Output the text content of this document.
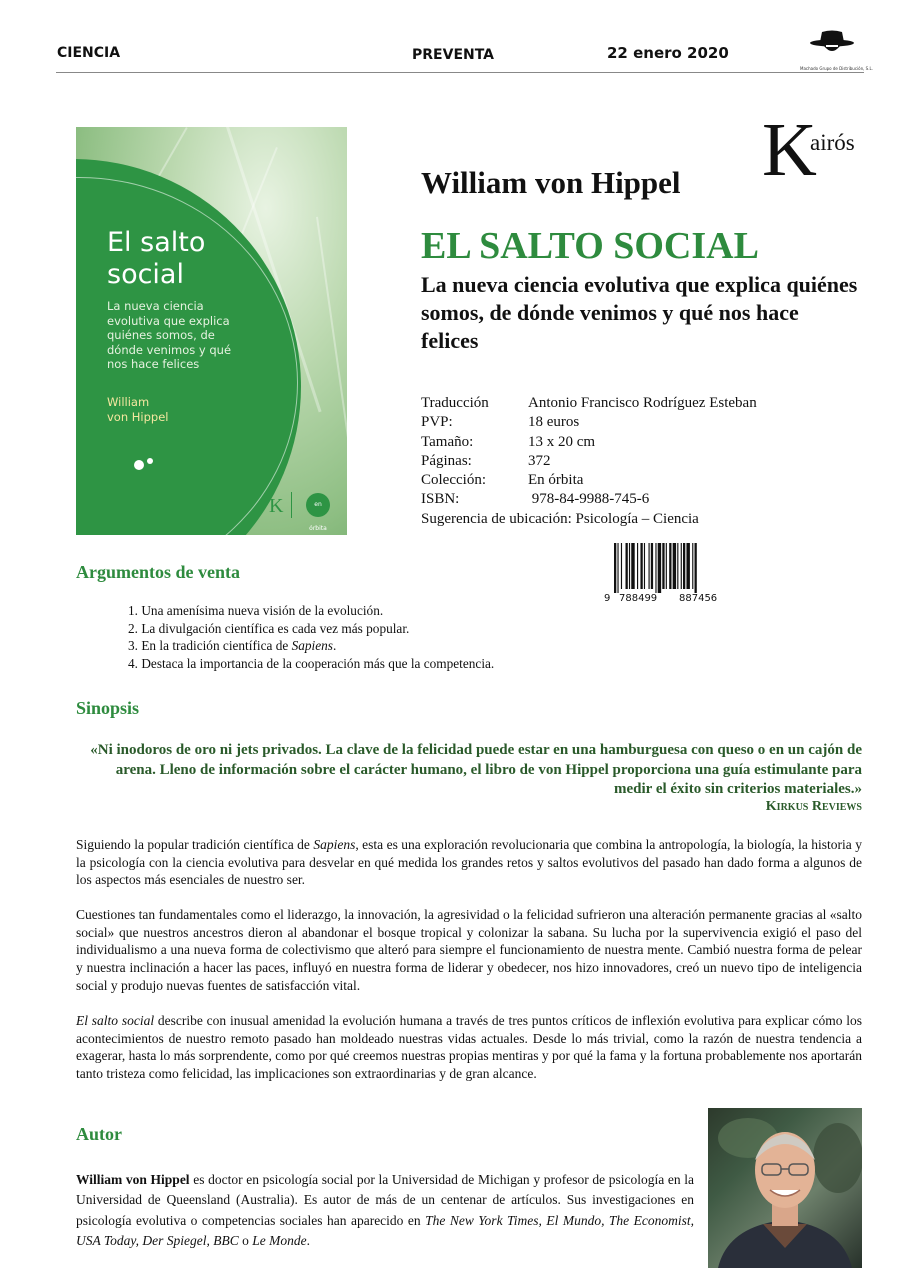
CIENCIA	PREVENTA	22 enero 2020
Machado Grupo de Distribución, S.L.
El salto
social
La nueva ciencia evolutiva que explica quiénes somos, de dónde venimos y qué nos hace felices
William
von Hippel
K	en órbita
William von Hippel K
airós
EL SALTO SOCIAL
La nueva ciencia evolutiva que explica quiénes somos, de dónde venimos y qué nos hace felices
Traducción	Antonio Francisco Rodríguez Esteban
PVP:	18 euros
Tamaño:	13 x 20 cm
Páginas:	372
Colección:	En órbita
ISBN:	978-84-9988-745-6
Sugerencia de ubicación: Psicología – Ciencia
9 788499 887456
Argumentos de venta
1. Una amenísima nueva visión de la evolución.
2. La divulgación científica es cada vez más popular.
3. En la tradición científica de Sapiens.
4. Destaca la importancia de la cooperación más que la competencia.
Sinopsis
«Ni inodoros de oro ni jets privados. La clave de la felicidad puede estar en una hamburguesa con queso o en un cajón de arena. Lleno de información sobre el carácter humano, el libro de von Hippel proporciona una guía estimulante para medir el éxito sin criterios materiales.»
Kirkus Reviews
Siguiendo la popular tradición científica de Sapiens, esta es una exploración revolucionaria que combina la antropología, la biología, la historia y la psicología con la ciencia evolutiva para desvelar en qué medida los grandes retos y saltos evolutivos del pasado han dado forma a algunos de los aspectos más esenciales de nuestro ser.
Cuestiones tan fundamentales como el liderazgo, la innovación, la agresividad o la felicidad sufrieron una alteración permanente gracias al «salto social» que nuestros ancestros dieron al abandonar el bosque tropical y colonizar la sabana. Su lucha por la supervivencia exigió el paso del individualismo a una nueva forma de colectivismo que alteró para siempre el funcionamiento de nuestra mente. Cambió nuestra forma de pelear y nuestra inclinación a hacer las paces, influyó en nuestra forma de liderar y obedecer, nos hizo innovadores, creó un nuevo tipo de inteligencia social y produjo nuevas fuentes de satisfacción vital.
El salto social describe con inusual amenidad la evolución humana a través de tres puntos críticos de inflexión evolutiva para explicar cómo los acontecimientos de nuestro remoto pasado han moldeado nuestras vidas actuales. Desde lo más trivial, como la razón de nuestra tendencia a exagerar, hasta lo más sorprendente, como por qué creemos nuestras propias mentiras y por qué la fama y la fortuna probablemente nos aportarán tanto tristeza como felicidad, las implicaciones son extraordinarias y de gran alcance.
Autor
William von Hippel es doctor en psicología social por la Universidad de Michigan y profesor de psicología en la Universidad de Queensland (Australia). Es autor de más de un centenar de artículos. Sus investigaciones en psicología evolutiva o competencias sociales han aparecido en The New York Times, El Mundo, The Economist, USA Today, Der Spiegel, BBC o Le Monde.
